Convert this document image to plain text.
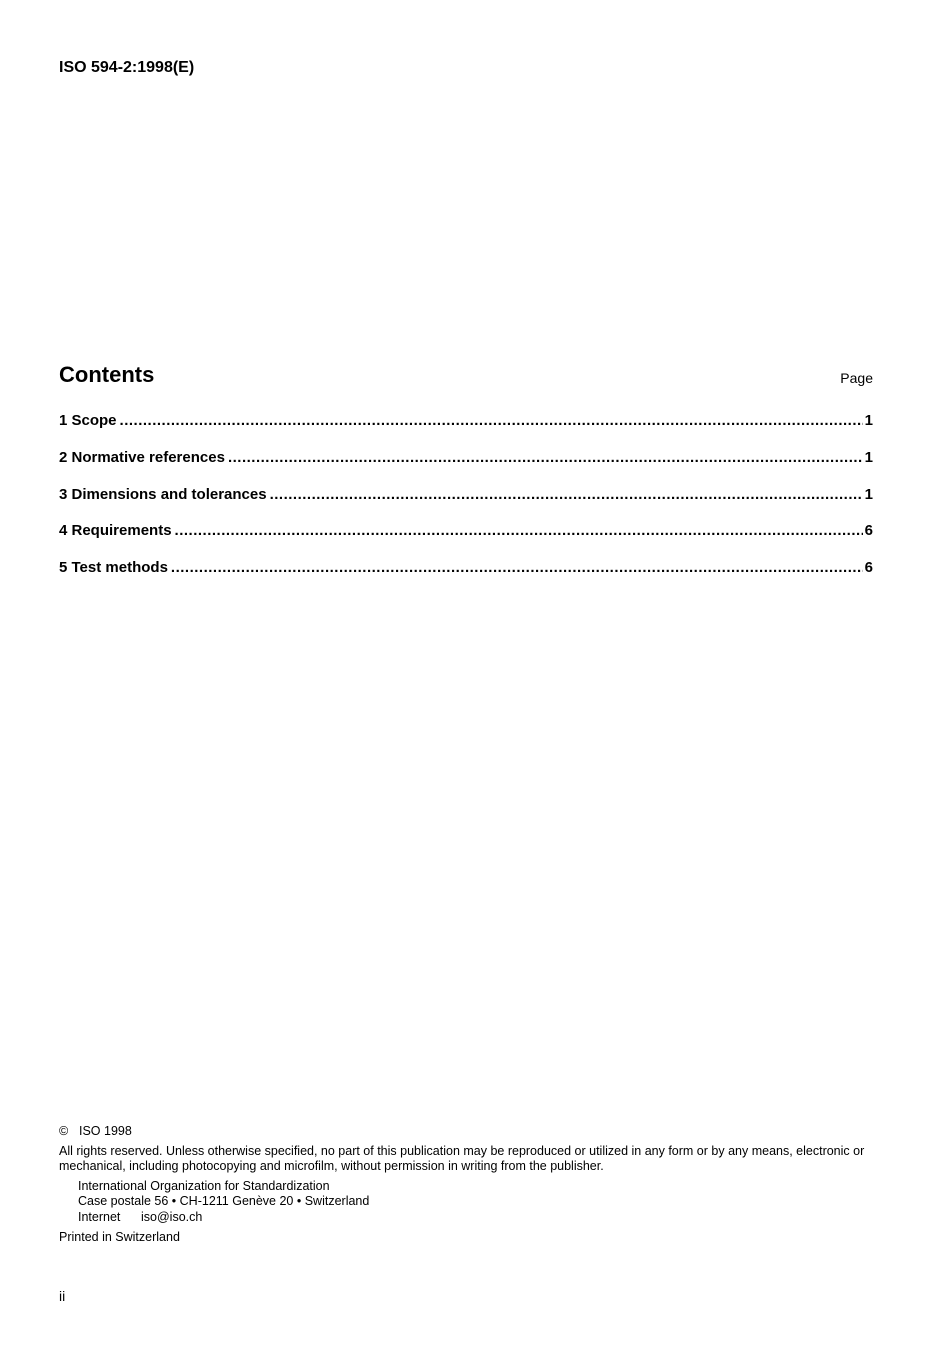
ISO 594-2:1998(E)
Contents	Page
1 Scope .....	1
2 Normative references .....	1
3 Dimensions and tolerances .....	1
4 Requirements .....	6
5 Test methods .....	6
© ISO 1998

All rights reserved. Unless otherwise specified, no part of this publication may be reproduced or utilized in any form or by any means, electronic or mechanical, including photocopying and microfilm, without permission in writing from the publisher.

International Organization for Standardization
Case postale 56 • CH-1211 Genève 20 • Switzerland
Internet iso@iso.ch
Printed in Switzerland
ii
